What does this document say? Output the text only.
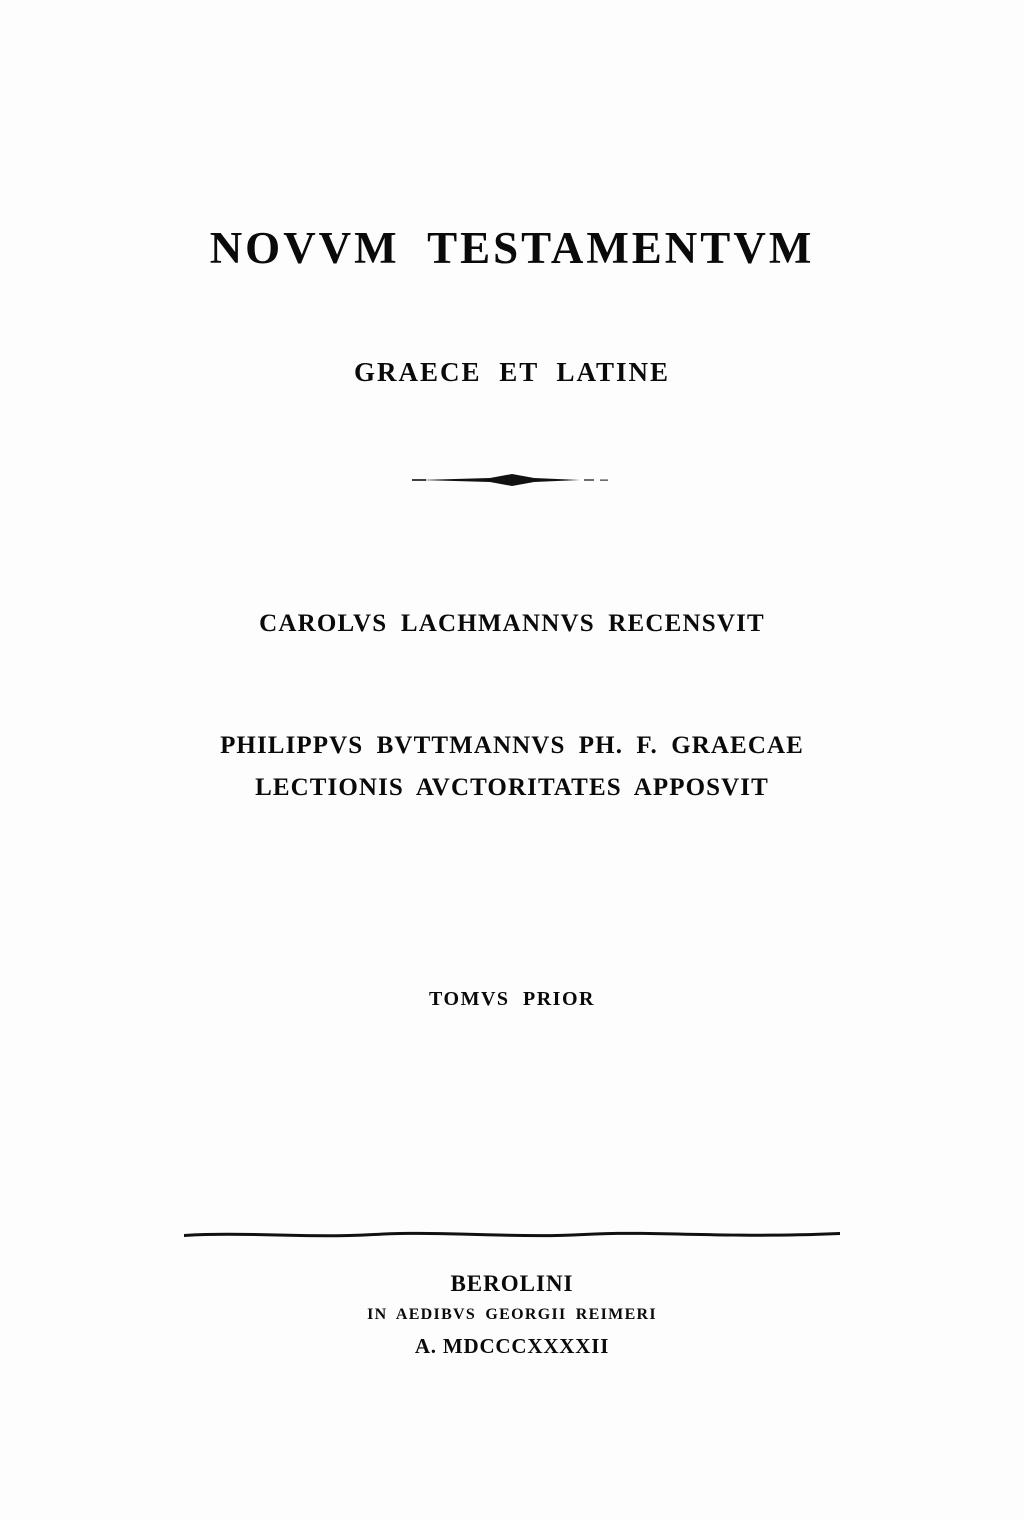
NOVVM TESTAMENTVM
GRAECE ET LATINE
CAROLVS LACHMANNVS RECENSVIT
PHILIPPVS BVTTMANNVS PH. F. GRAECAE
LECTIONIS AVCTORITATES APPOSVIT
TOMVS PRIOR
BEROLINI
IN AEDIBVS GEORGII REIMERI
A. MDCCCXXXXII
